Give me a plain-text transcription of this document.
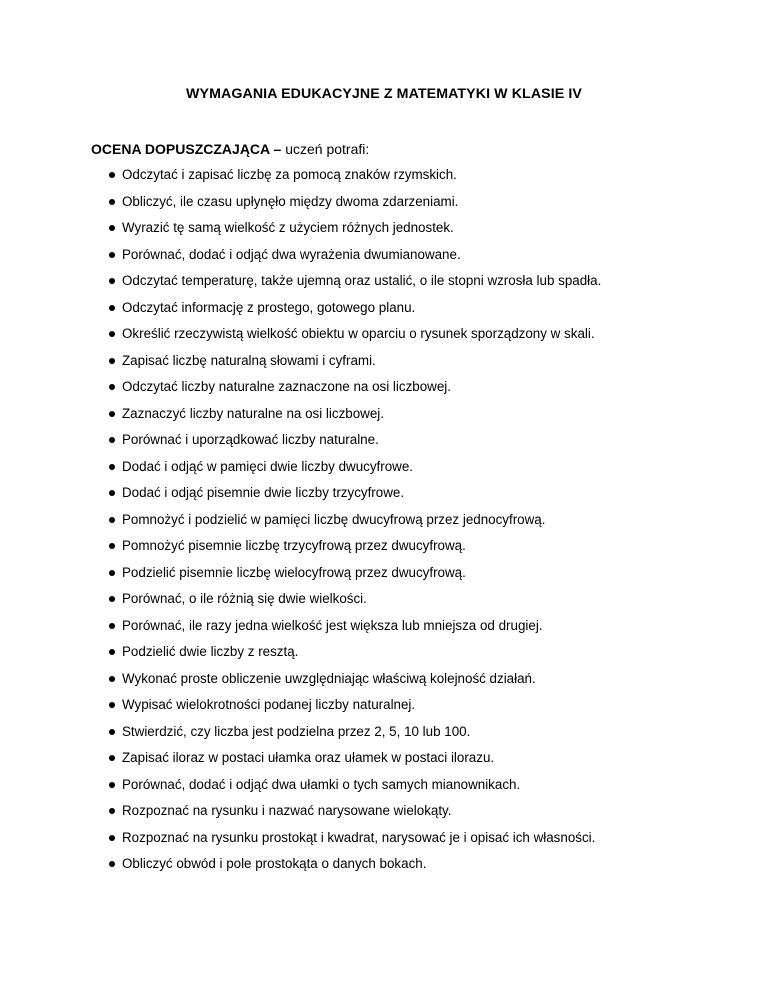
WYMAGANIA EDUKACYJNE Z MATEMATYKI W KLASIE IV
OCENA DOPUSZCZAJĄCA – uczeń potrafi:
Odczytać i zapisać liczbę za pomocą znaków rzymskich.
Obliczyć, ile czasu upłynęło między dwoma zdarzeniami.
Wyrazić tę samą wielkość z użyciem różnych jednostek.
Porównać, dodać i odjąć dwa wyrażenia dwumianowane.
Odczytać temperaturę, także ujemną oraz ustalić, o ile stopni wzrosła lub spadła.
Odczytać informację z prostego, gotowego planu.
Określić rzeczywistą wielkość obiektu w oparciu o rysunek sporządzony w skali.
Zapisać liczbę naturalną słowami i cyframi.
Odczytać liczby naturalne zaznaczone na osi liczbowej.
Zaznaczyć liczby naturalne na osi liczbowej.
Porównać i uporządkować liczby naturalne.
Dodać i odjąć w pamięci dwie liczby dwucyfrowe.
Dodać i odjąć pisemnie dwie liczby trzycyfrowe.
Pomnożyć i podzielić w pamięci liczbę dwucyfrową przez jednocyfrową.
Pomnożyć pisemnie liczbę trzycyfrową przez dwucyfrową.
Podzielić pisemnie liczbę wielocyfrową przez dwucyfrową.
Porównać, o ile różnią się dwie wielkości.
Porównać, ile razy jedna wielkość jest większa lub mniejsza od drugiej.
Podzielić dwie liczby z resztą.
Wykonać proste obliczenie uwzględniając właściwą kolejność działań.
Wypisać wielokrotności podanej liczby naturalnej.
Stwierdzić, czy liczba jest podzielna przez 2, 5, 10 lub 100.
Zapisać iloraz w postaci ułamka oraz ułamek w postaci ilorazu.
Porównać, dodać i odjąć dwa ułamki o tych samych mianownikach.
Rozpoznać na rysunku i nazwać narysowane wielokąty.
Rozpoznać na rysunku prostokąt i kwadrat, narysować je i opisać ich własności.
Obliczyć obwód i pole prostokąta o danych bokach.
